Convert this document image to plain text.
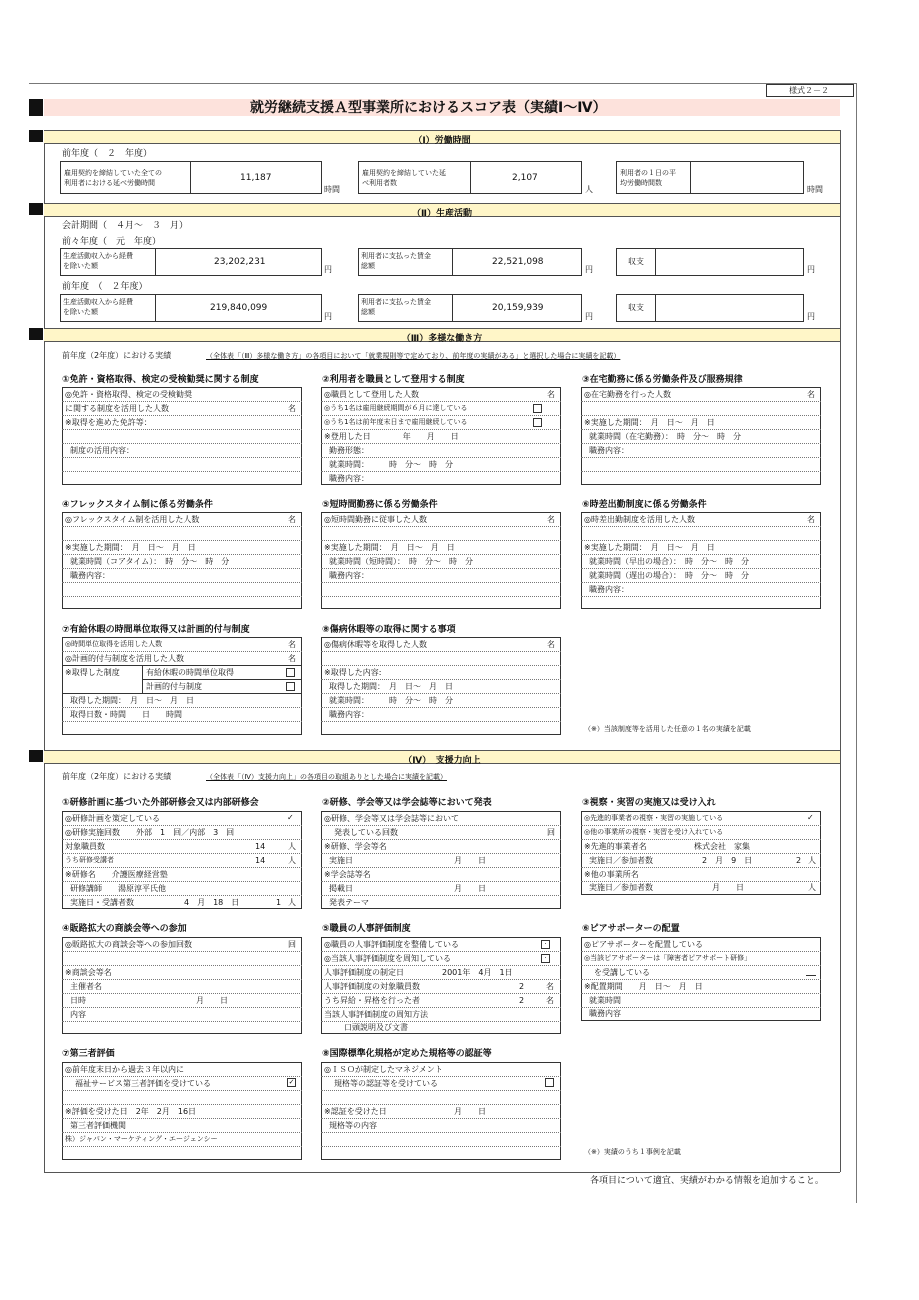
様式２－２
就労継続支援Ａ型事業所におけるスコア表（実績Ⅰ～Ⅳ）
（Ⅰ）労働時間
前年度（　２　年度）
雇用契約を締結していた全ての
利用者における延べ労働時間	11,187
時間
雇用契約を締結していた延
べ利用者数	2,107
人
利用者の１日の平
均労働時間数
時間
（Ⅱ）生産活動
会計期間（　４月～　３　月）
前々年度（　元　年度）
生産活動収入から経費
を除いた額	23,202,231
円
利用者に支払った賃金
総額	22,521,098
円
収支
円
前年度　（　２年度）
生産活動収入から経費
を除いた額	219,840,099
円
利用者に支払った賃金
総額	20,159,939
円
収支
円
（Ⅲ）多様な働き方
前年度（2年度）における実績	（全体表「（Ⅲ）多様な働き方」の各項目において「就業規則等で定めており、前年度の実績がある」と選択した場合に実績を記載）
①免許・資格取得、検定の受検勧奨に関する制度
◎免許・資格取得、検定の受検勧奨
に関する制度を活用した人数	名
※取得を進めた免許等：
制度の活用内容：
②利用者を職員として登用する制度
◎職員として登用した人数	名
◎うち1名は雇用継続期間が６月に達している
◎うち1名は前年度末日まで雇用継続している
※登用した日　　　　年　　月　　日
勤務形態：
就業時間：　　　時　分～　時　分
職務内容：
③在宅勤務に係る労働条件及び服務規律
◎在宅勤務を行った人数	名
※実施した期間：　月　日～　月　日
就業時間（在宅勤務）：　時　分～　時　分
職務内容：
④フレックスタイム制に係る労働条件
◎フレックスタイム制を活用した人数	名
※実施した期間：　月　日～　月　日
就業時間（コアタイム）：　時　分～　時　分
職務内容：
⑤短時間勤務に係る労働条件
◎短時間勤務に従事した人数	名
※実施した期間：　月　日～　月　日
就業時間（短時間）：　時　分～　時　分
職務内容：
⑥時差出勤制度に係る労働条件
◎時差出勤制度を活用した人数	名
※実施した期間：　月　日～　月　日
就業時間（早出の場合）：　時　分～　時　分
就業時間（遅出の場合）：　時　分～　時　分
職務内容：
⑦有給休暇の時間単位取得又は計画的付与制度
◎時間単位取得を活用した人数	名
◎計画的付与制度を活用した人数	名
※取得した制度	有給休暇の時間単位取得
計画的付与制度
取得した期間：　月　日～　月　日
取得日数・時間　　日　　時間
⑧傷病休暇等の取得に関する事項
◎傷病休暇等を取得した人数	名
※取得した内容:
取得した期間：　月　日～　月　日
就業時間：　　　時　分～　時　分
職務内容：
（※）当該制度等を活用した任意の１名の実績を記載
（Ⅳ）　支援力向上
前年度（2年度）における実績	（全体表「（Ⅳ）支援力向上」の各項目の取組ありとした場合に実績を記載）
①研修計画に基づいた外部研修会又は内部研修会
◎研修計画を策定している	✓
◎研修実施回数　　外部　1　回／内部　3　回
対象職員数	14	人
うち研修受講者	14	人
※研修名　　介護医療経営塾
研修講師　　湯原淳平氏他
実施日・受講者数	4　月　18　日	1 人
②研修、学会等又は学会誌等において発表
◎研修、学会等又は学会誌等において
発表している回数	回
※研修、学会等名
実施日	月　　日
※学会誌等名
掲載日	月　　日
発表テーマ
③視察・実習の実施又は受け入れ
◎先進的事業者の視察・実習の実施している	✓
◎他の事業所の視察・実習を受け入れている
※先進的事業者名	株式会社　家集
実施日／参加者数	2　月　9　日	2 人
※他の事業所名
実施日／参加者数	月　　日	人
④販路拡大の商談会等への参加
◎販路拡大の商談会等への参加回数	回
※商談会等名
主催者名
日時	月　　日
内容
⑤職員の人事評価制度
◎職員の人事評価制度を整備している	·
◎当該人事評価制度を周知している	·
人事評価制度の制定日	2001年　4月　1日
人事評価制度の対象職員数	2	名
うち昇給・昇格を行った者	2	名
当該人事評価制度の周知方法
口頭説明及び文書
⑥ピアサポーターの配置
◎ピアサポーターを配置している
◎当該ピアサポーターは「障害者ピアサポート研修」
を受講している
※配置期間　　月　日～　月　日
就業時間
職務内容
⑦第三者評価
◎前年度末日から過去３年以内に
福祉サービス第三者評価を受けている	✓
※評価を受けた日　2年　2月　16日
第三者評価機関
株）ジャパン・マーケティング・エージェンシー
⑧国際標準化規格が定めた規格等の認証等
◎ＩＳＯが制定したマネジメント
規格等の認証等を受けている
※認証を受けた日	月　　日
規格等の内容
（※）実績のうち１事例を記載
各項目について適宜、実績がわかる情報を追加すること。
